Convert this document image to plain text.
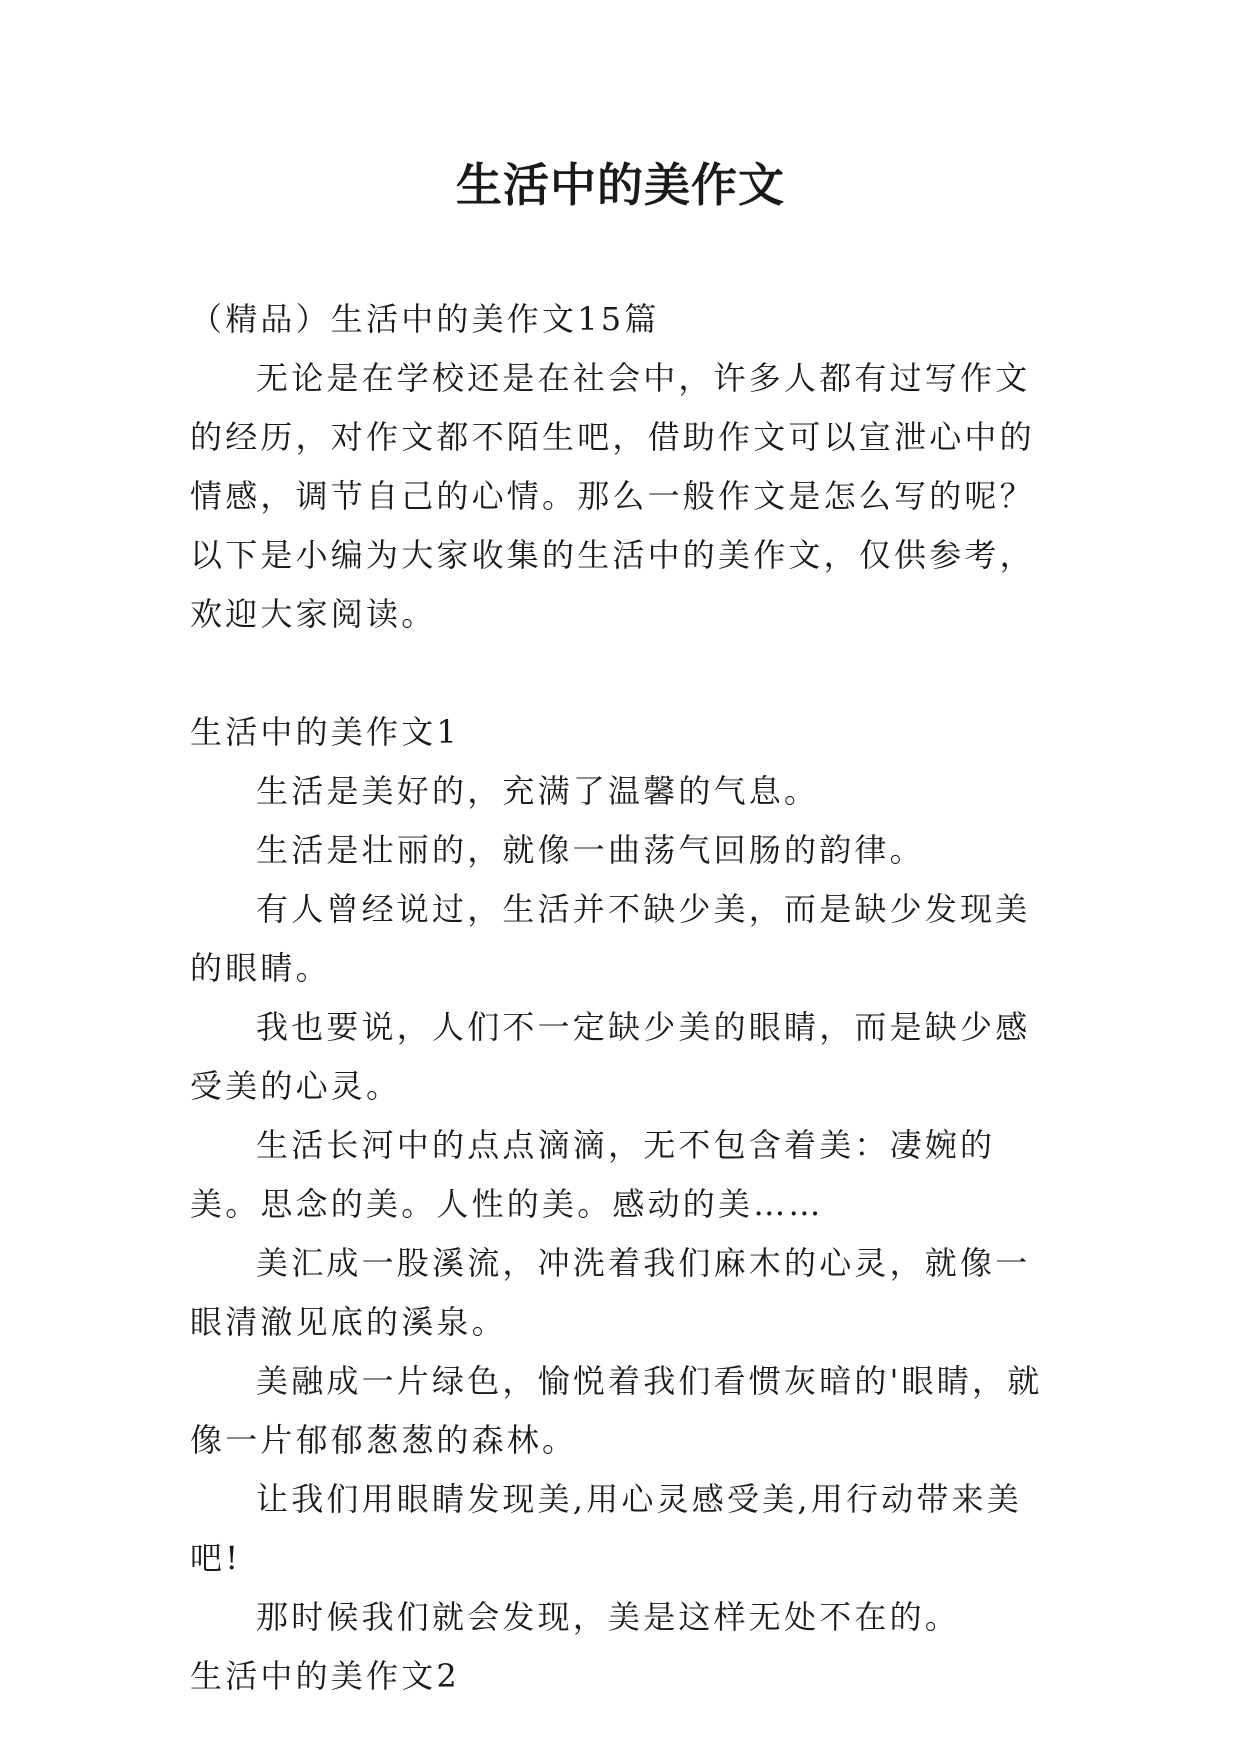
生活中的美作文

（精品）生活中的美作文15篇

无论是在学校还是在社会中，许多人都有过写作文的经历，对作文都不陌生吧，借助作文可以宣泄心中的情感，调节自己的心情。那么一般作文是怎么写的呢？以下是小编为大家收集的生活中的美作文，仅供参考，欢迎大家阅读。

生活中的美作文1

生活是美好的，充满了温馨的气息。

生活是壮丽的，就像一曲荡气回肠的韵律。

有人曾经说过，生活并不缺少美，而是缺少发现美的眼睛。

我也要说，人们不一定缺少美的眼睛，而是缺少感受美的心灵。

生活长河中的点点滴滴，无不包含着美：凄婉的美。思念的美。人性的美。感动的美……

美汇成一股溪流，冲洗着我们麻木的心灵，就像一眼清澈见底的溪泉。

美融成一片绿色，愉悦着我们看惯灰暗的'眼睛，就像一片郁郁葱葱的森林。

让我们用眼睛发现美,用心灵感受美,用行动带来美吧!

那时候我们就会发现，美是这样无处不在的。

生活中的美作文2
